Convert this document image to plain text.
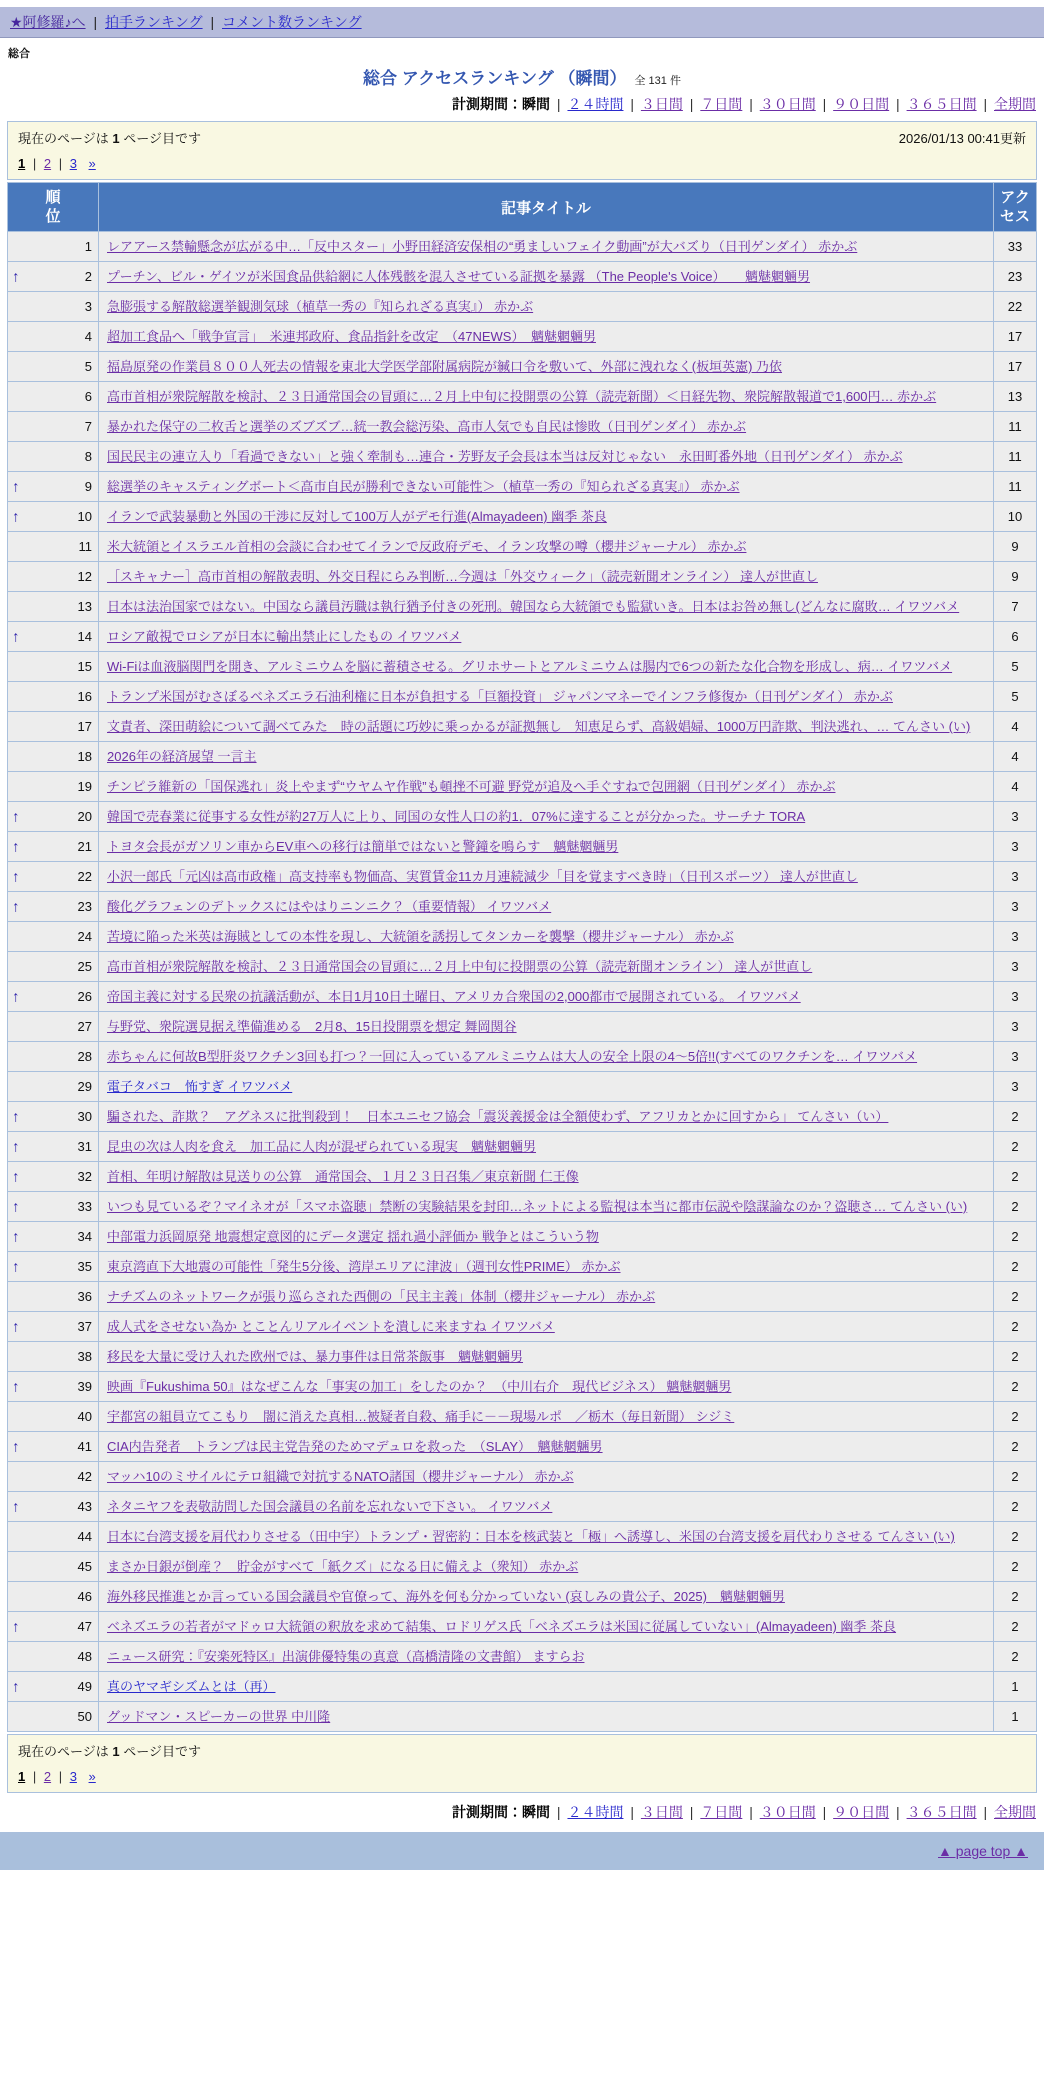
★阿修羅♪へ | 拍手ランキング | コメント数ランキング
総合
総合 アクセスランキング （瞬間） 全 131 件
計測期間：瞬間 | ２４時間 | ３日間 | ７日間 | ３０日間 | ９０日間 | ３６５日間 | 全期間
現在のページは 1 ページ目です	2026/01/13 00:41更新
1 | 2 | 3 »
順位	記事タイトル	アクセス

1	レアアース禁輸懸念が広がる中…「反中スター」小野田経済安保相の“勇ましいフェイク動画”が大バズり（日刊ゲンダイ） 赤かぶ	33

↑ 2	プーチン、ビル・ゲイツが米国食品供給網に人体残骸を混入させている証拠を暴露 （The People's Voice）　　魑魅魍魎男	23

3	急膨張する解散総選挙観測気球（植草一秀の『知られざる真実』） 赤かぶ	22

4	超加工食品へ「戦争宣言」　米連邦政府、食品指針を改定　（47NEWS）　魑魅魍魎男	17

5	福島原発の作業員８００人死去の情報を東北大学医学部附属病院が緘口令を敷いて、外部に洩れなく(板垣英憲) 乃依	17

6	高市首相が衆院解散を検討、２３日通常国会の冒頭に…２月上中旬に投開票の公算（読売新聞）＜日経先物、衆院解散報道で1,600円… 赤かぶ	13

7	暴かれた保守の二枚舌と選挙のズブズブ…統一教会総汚染、高市人気でも自民は惨敗（日刊ゲンダイ） 赤かぶ	11

8	国民民主の連立入り「看過できない」と強く牽制も…連合・芳野友子会長は本当は反対じゃない　永田町番外地（日刊ゲンダイ） 赤かぶ	11

↑ 9	総選挙のキャスティングボート＜高市自民が勝利できない可能性＞（植草一秀の『知られざる真実』） 赤かぶ	11

↑ 10	イランで武装暴動と外国の干渉に反対して100万人がデモ行進(Almayadeen) 幽季 茶良	10

11	米大統領とイスラエル首相の会談に合わせてイランで反政府デモ、イラン攻撃の噂（櫻井ジャーナル） 赤かぶ	9

12	［スキャナー］高市首相の解散表明、外交日程にらみ判断…今週は「外交ウィーク」（読売新聞オンライン） 達人が世直し	9

13	日本は法治国家ではない。中国なら議員汚職は執行猶予付きの死刑。韓国なら大統領でも監獄いき。日本はお咎め無し(どんなに腐敗… イワツバメ	7

↑ 14	ロシア敵視でロシアが日本に輸出禁止にしたもの イワツバメ	6

15	Wi-Fiは血液脳関門を開き、アルミニウムを脳に蓄積させる。グリホサートとアルミニウムは腸内で6つの新たな化合物を形成し、病… イワツバメ	5

16	トランプ米国がむさぼるベネズエラ石油利権に日本が負担する「巨額投資」 ジャパンマネーでインフラ修復か（日刊ゲンダイ） 赤かぶ	5

17	文責者、深田萌絵について調べてみた　時の話題に巧妙に乗っかるが証拠無し　知恵足らず、高級娼婦、1000万円詐欺、判決逃れ、… てんさい (い)	4

18	2026年の経済展望 一言主	4

19	チンピラ維新の「国保逃れ」炎上やまず“ウヤムヤ作戦”も頓挫不可避 野党が追及へ手ぐすねで包囲網（日刊ゲンダイ） 赤かぶ	4

↑ 20	韓国で売春業に従事する女性が約27万人に上り、同国の女性人口の約1．07%に達することが分かった。サーチナ TORA	3

↑ 21	トヨタ会長がガソリン車からEV車への移行は簡単ではないと警鐘を鳴らす　魑魅魍魎男	3

↑ 22	小沢一郎氏「元凶は高市政権」高支持率も物価高、実質賃金11カ月連続減少「目を覚ますべき時」（日刊スポーツ） 達人が世直し	3

↑ 23	酸化グラフェンのデトックスにはやはりニンニク？（重要情報） イワツバメ	3

24	苦境に陥った米英は海賊としての本性を現し、大統領を誘拐してタンカーを襲撃（櫻井ジャーナル） 赤かぶ	3

25	高市首相が衆院解散を検討、２３日通常国会の冒頭に…２月上中旬に投開票の公算（読売新聞オンライン） 達人が世直し	3

↑ 26	帝国主義に対する民衆の抗議活動が、本日1月10日土曜日、アメリカ合衆国の2,000都市で展開されている。 イワツバメ	3

27	与野党、衆院選見据え準備進める　2月8、15日投開票を想定 舞岡関谷	3

28	赤ちゃんに何故B型肝炎ワクチン3回も打つ？一回に入っているアルミニウムは大人の安全上限の4～5倍!!(すべてのワクチンを… イワツバメ	3

29	電子タバコ　怖すぎ イワツバメ	3

↑ 30	騙された、詐欺？　アグネスに批判殺到！　日本ユニセフ協会「震災義援金は全額使わず、アフリカとかに回すから」 てんさい（い）	2

↑ 31	昆虫の次は人肉を食え　加工品に人肉が混ぜられている現実　魑魅魍魎男	2

↑ 32	首相、年明け解散は見送りの公算　通常国会、１月２３日召集／東京新聞 仁王像	2

↑ 33	いつも見ているぞ？マイネオが「スマホ盗聴」禁断の実験結果を封印…ネットによる監視は本当に都市伝説や陰謀論なのか？盗聴さ… てんさい (い)	2

↑ 34	中部電力浜岡原発 地震想定意図的にデータ選定 揺れ過小評価か 戦争とはこういう物	2

↑ 35	東京湾直下大地震の可能性「発生5分後、湾岸エリアに津波」（週刊女性PRIME） 赤かぶ	2

36	ナチズムのネットワークが張り巡らされた西側の「民主主義」体制（櫻井ジャーナル） 赤かぶ	2

↑ 37	成人式をさせない為か とことんリアルイベントを潰しに来ますね イワツバメ	2

38	移民を大量に受け入れた欧州では、暴力事件は日常茶飯事　魑魅魍魎男	2

↑ 39	映画『Fukushima 50』はなぜこんな「事実の加工」をしたのか？　（中川右介　現代ビジネス） 魑魅魍魎男	2

40	宇都宮の組員立てこもり　闇に消えた真相…被疑者自殺、痛手に－－現場ルポ　／栃木（毎日新聞） シジミ	2

↑ 41	CIA内告発者　トランプは民主党告発のためマデュロを救った　（SLAY）　魑魅魍魎男	2

42	マッハ10のミサイルにテロ組織で対抗するNATO諸国（櫻井ジャーナル） 赤かぶ	2

↑ 43	ネタニヤフを表敬訪問した国会議員の名前を忘れないで下さい。 イワツバメ	2

44	日本に台湾支援を肩代わりさせる（田中宇）トランプ・習密約：日本を核武装と「極」へ誘導し、米国の台湾支援を肩代わりさせる てんさい (い)	2

45	まさか日銀が倒産？　貯金がすべて「紙クズ」になる日に備えよ（衆知） 赤かぶ	2

46	海外移民推進とか言っている国会議員や官僚って、海外を何も分かっていない (哀しみの貴公子、2025)　魑魅魍魎男	2

↑ 47	ベネズエラの若者がマドゥロ大統領の釈放を求めて結集、ロドリゲス氏「ベネズエラは米国に従属していない」(Almayadeen) 幽季 茶良	2

48	ニュース研究：『安楽死特区』出演俳優特集の真意（高橋清隆の文書館） ますらお	2

↑ 49	真のヤマギシズムとは（再）	1

50	グッドマン・スピーカーの世界 中川隆	1
現在のページは 1 ページ目です
1 | 2 | 3 »
計測期間：瞬間 | ２４時間 | ３日間 | ７日間 | ３０日間 | ９０日間 | ３６５日間 | 全期間
▲ page top ▲
